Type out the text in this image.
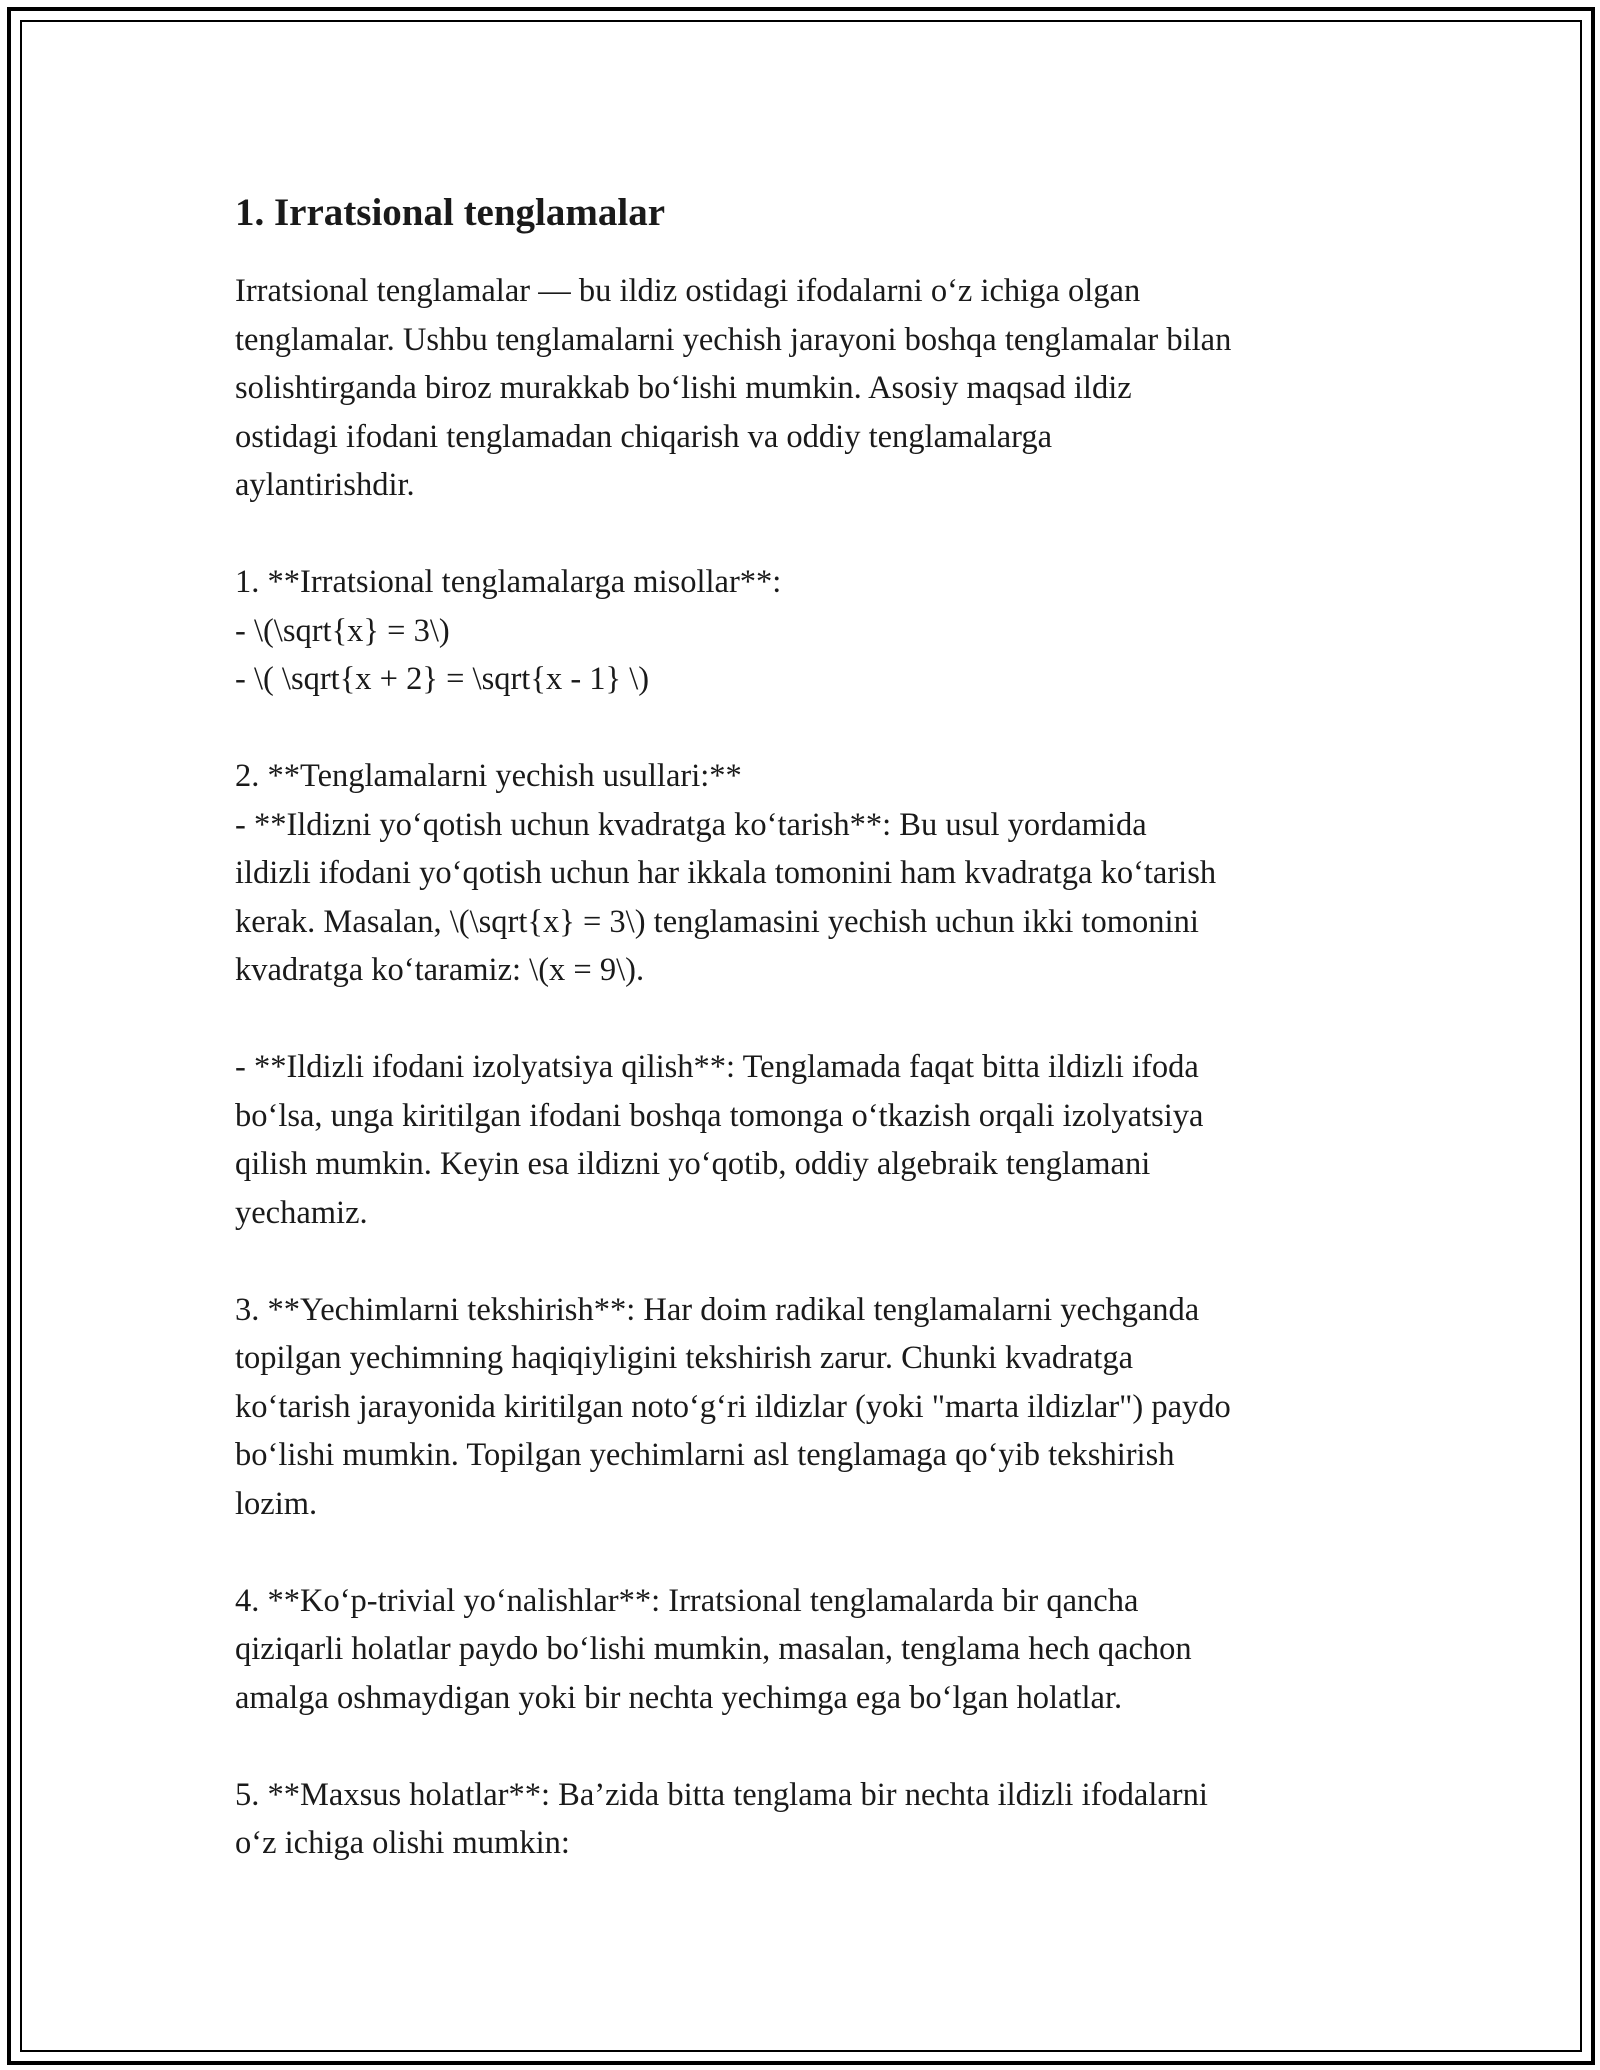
1. Irratsional tenglamalar

Irratsional tenglamalar — bu ildiz ostidagi ifodalarni o‘z ichiga olgan
tenglamalar. Ushbu tenglamalarni yechish jarayoni boshqa tenglamalar bilan
solishtirganda biroz murakkab bo‘lishi mumkin. Asosiy maqsad ildiz
ostidagi ifodani tenglamadan chiqarish va oddiy tenglamalarga
aylantirishdir.

1. **Irratsional tenglamalarga misollar**:
- \(\sqrt{x} = 3\)
- \( \sqrt{x + 2} = \sqrt{x - 1} \)

2. **Tenglamalarni yechish usullari:**
- **Ildizni yo‘qotish uchun kvadratga ko‘tarish**: Bu usul yordamida
ildizli ifodani yo‘qotish uchun har ikkala tomonini ham kvadratga ko‘tarish
kerak. Masalan, \(\sqrt{x} = 3\) tenglamasini yechish uchun ikki tomonini
kvadratga ko‘taramiz: \(x = 9\).

- **Ildizli ifodani izolyatsiya qilish**: Tenglamada faqat bitta ildizli ifoda
bo‘lsa, unga kiritilgan ifodani boshqa tomonga o‘tkazish orqali izolyatsiya
qilish mumkin. Keyin esa ildizni yo‘qotib, oddiy algebraik tenglamani
yechamiz.

3. **Yechimlarni tekshirish**: Har doim radikal tenglamalarni yechganda
topilgan yechimning haqiqiyligini tekshirish zarur. Chunki kvadratga
ko‘tarish jarayonida kiritilgan noto‘g‘ri ildizlar (yoki "marta ildizlar") paydo
bo‘lishi mumkin. Topilgan yechimlarni asl tenglamaga qo‘yib tekshirish
lozim.

4. **Ko‘p-trivial yo‘nalishlar**: Irratsional tenglamalarda bir qancha
qiziqarli holatlar paydo bo‘lishi mumkin, masalan, tenglama hech qachon
amalga oshmaydigan yoki bir nechta yechimga ega bo‘lgan holatlar.

5. **Maxsus holatlar**: Ba’zida bitta tenglama bir nechta ildizli ifodalarni
o‘z ichiga olishi mumkin:
